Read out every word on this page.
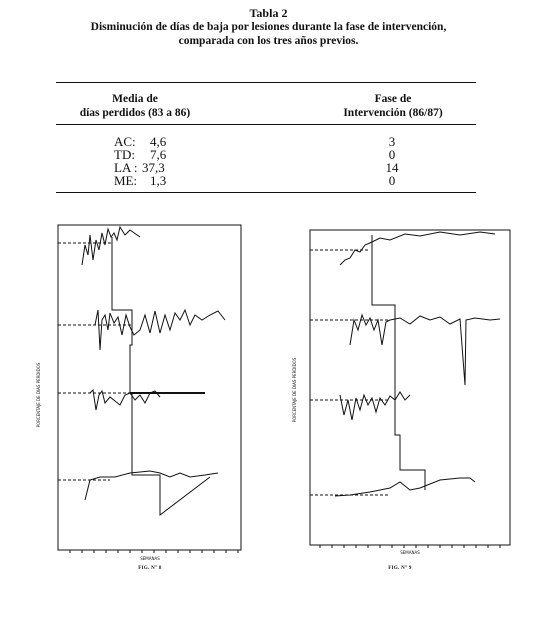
Tabla 2
Disminución de días de baja por lesiones durante la fase de intervención,
comparada con los tres años previos.
Media de
días perdidos (83 a 86)
Fase de
Intervención (86/87)
AC: 4,6	3
TD: 7,6	0
LA : 37,3	14
ME: 1,3	0
PORCENTAJE DE DIAS PERDIDOS
SEMANAS
FIG. N° 8
PORCENTAJE DE DIAS PERDIDOS
SEMANAS
FIG. N° 9
